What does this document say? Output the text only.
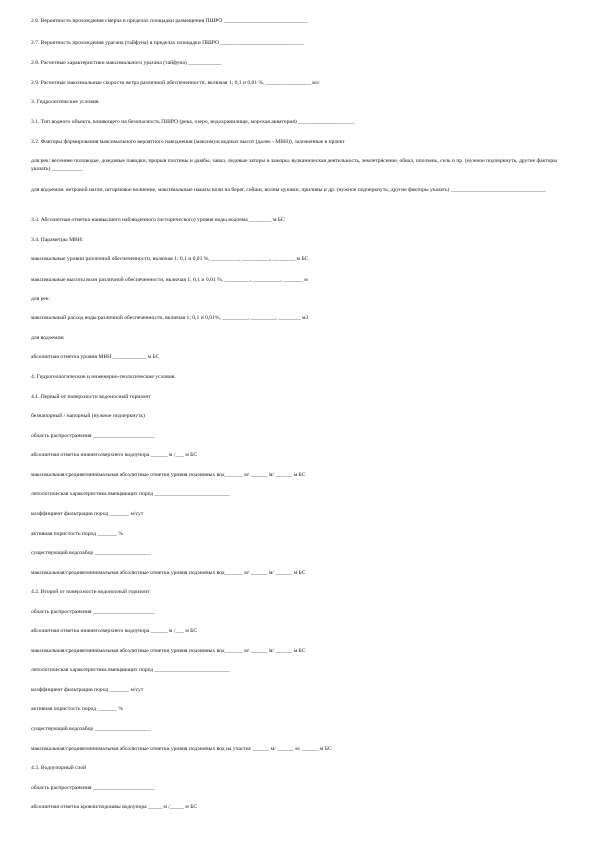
2.6. Вероятность прохождения смерча в пределах площадки размещения ПШРО ______________________________
2.7. Вероятность прохождения урагана (тайфуна) в пределах площадки ПШРО ______________________________
2.8. Расчетные характеристики максимального урагана (тайфуна) ____________
2.9. Расчетные максимальные скорости ветра различной обеспеченности, включая 1; 0,1 и 0,01 %, ________________ м/с
3. Гидрологические условия.
3.1. Тип водного объекта, влияющего на безопасность ПШРО (река, озеро, водохранилище, морская акватория) ____________________
3.2. Факторы формирования максимального вероятного наводнения (максимум водных высот (далее - МВН)), заложенные в проект
для рек: весеннее половодье, дождевые паводки, прорыв плотины и дамбы, завал, ледовые заторы и зажоры, вулканическая деятельность, землетрясение, обвал, оползень, сель и пр. (нужное подчеркнуть, другие факторы указать) ___________
для водоемов: ветровой нагон, штормовое волнение, максимальные накаты волн на берег, сейши, волны цунами, приливы и др. (нужное подчеркнуть, другие факторы указать) __________________________________
3.3. Абсолютная отметка наивысшего наблюденного (исторического) уровня воды водоема ________ м БС
3.4. Параметры МВН:
максимальные уровни различной обеспеченности, включая 1; 0,1 и 0,01 %, __________, __________, ________ м БС
максимальные высоты волн различной обеспеченности, включая 1; 0,1 и 0,01 %, _________, __________, _______ м
для рек:
максимальный расход воды различной обеспеченности, включая 1; 0,1 и 0,01%, _________, _________, ________ м3
для водоемов:
абсолютная отметка уровня МВН ____________ м БС
4. Гидрогеологические и инженерно-геологические условия.
4.1. Первый от поверхности водоносный горизонт
безнапорный / напорный (нужное подчеркнуть)
область распространения ______________________
абсолютная отметка нижнего/верхнего водоупора ______ м /___ м БС
максимальная/средняя/минимальная абсолютные отметки уровня подземных вод ______ м/ ______ м/ ______ м БС
литологическая характеристика вмещающих пород ___________________________
коэффициент фильтрации пород _______ м/сут
активная пористость пород _______ %
существующий водозабор ____________________
максимальная/средняя/минимальная абсолютные отметки уровня подземных вод ______ м/ ______ м/ ______ м БС
4.2. Второй от поверхности водоносный горизонт
область распространения ______________________
абсолютная отметка нижнего/верхнего водоупора ______ м /___ м БС
максимальная/средняя/минимальная абсолютные отметки уровня подземных вод ______ м/ ______ м/ ______ м БС
литологическая характеристика вмещающих пород ___________________________
коэффициент фильтрации пород _______ м/сут
активная пористость пород _______ %
существующий водозабор ____________________
максимальная/средняя/минимальная абсолютные отметки уровня подземных вод на участке ______ м/ ______ м/ ______ м БС
4.3. Водоупорный слой
область распространения ______________________
абсолютная отметка кровли/подошвы водоупора _____ м /_____ м БС
